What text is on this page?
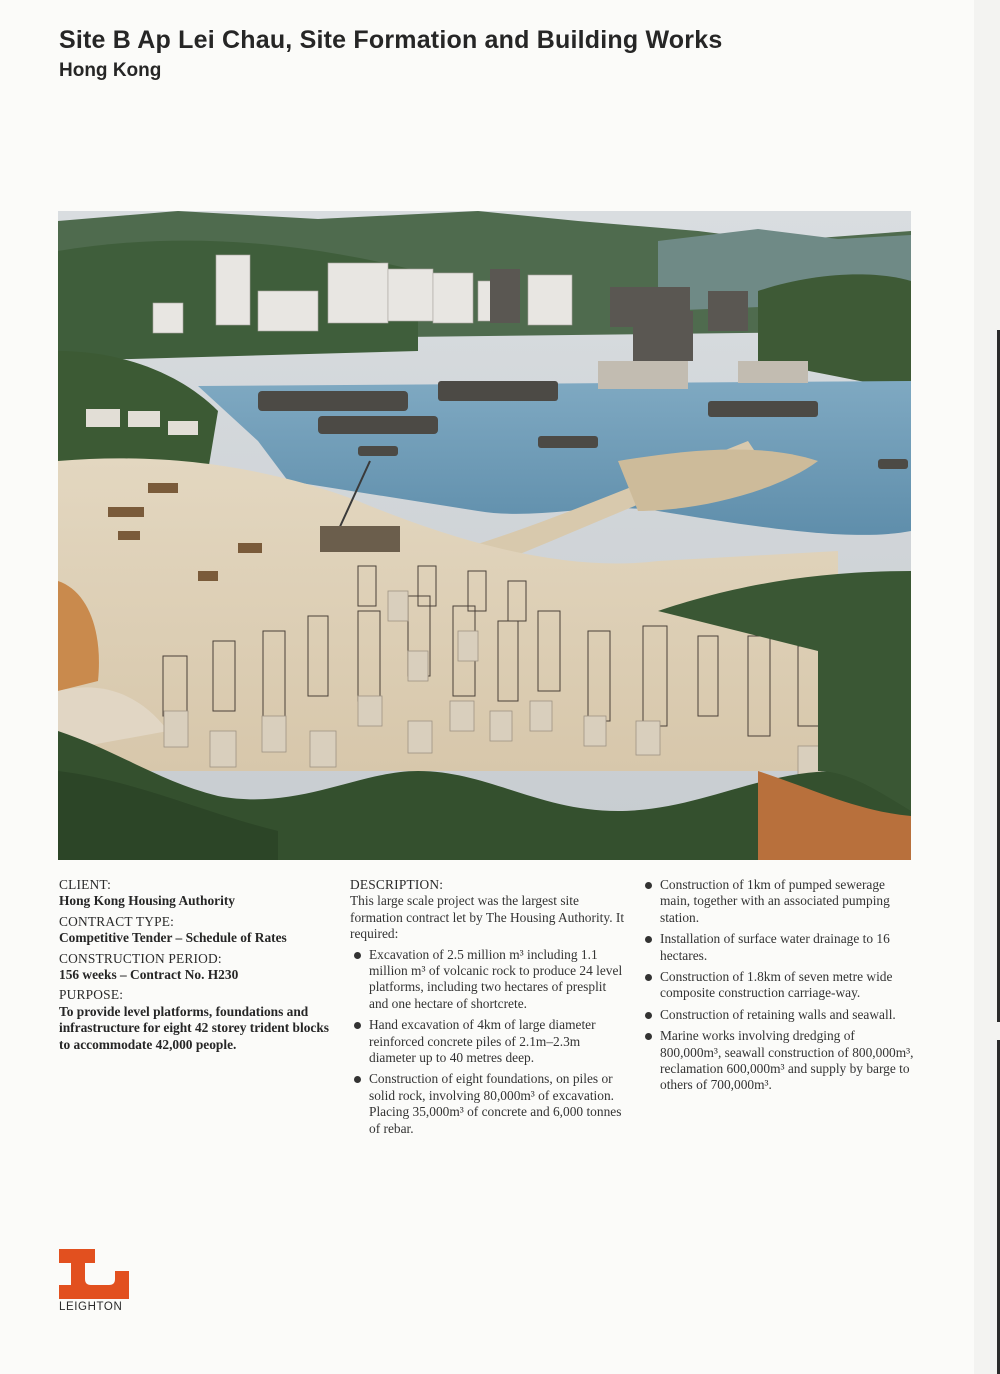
Site B Ap Lei Chau, Site Formation and Building Works
Hong Kong

CLIENT:

Hong Kong Housing Authority

CONTRACT TYPE:

Competitive Tender – Schedule of Rates

CONSTRUCTION PERIOD:

156 weeks – Contract No. H230

PURPOSE:

To provide level platforms, foundations and infrastructure for eight 42 storey trident blocks to accommodate 42,000 people.

DESCRIPTION:

This large scale project was the largest site formation contract let by The Housing Authority. It required:

Excavation of 2.5 million m³ including 1.1 million m³ of volcanic rock to produce 24 level platforms, including two hectares of presplit and one hectare of shortcrete.
Hand excavation of 4km of large diameter reinforced concrete piles of 2.1m–2.3m diameter up to 40 metres deep.
Construction of eight foundations, on piles or solid rock, involving 80,000m³ of excavation. Placing 35,000m³ of concrete and 6,000 tonnes of rebar.
Construction of 1km of pumped sewerage main, together with an associated pumping station.
Installation of surface water drainage to 16 hectares.
Construction of 1.8km of seven metre wide composite construction carriage-way.
Construction of retaining walls and seawall.
Marine works involving dredging of 800,000m³, seawall construction of 800,000m³, reclamation 600,000m³ and supply by barge to others of 700,000m³.
LEIGHTON
